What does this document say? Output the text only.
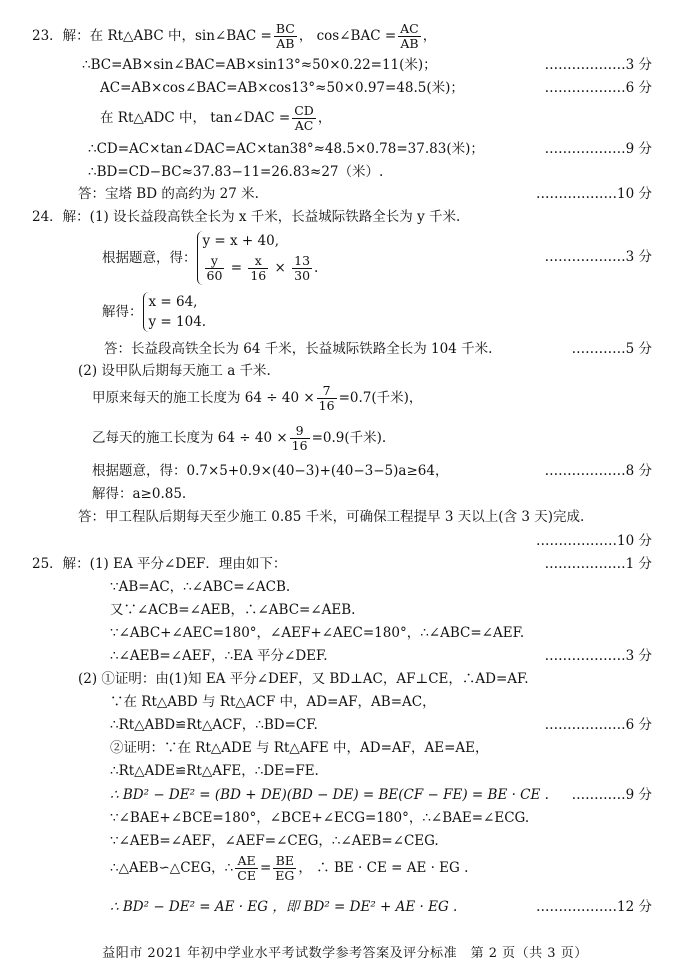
23．解：在 Rt△ABC 中，sin∠BAC = $\frac{BC}{AB}$ ， cos∠BAC = $\frac{AC}{AB}$ ，
∴BC=AB×sin∠BAC=AB×sin13°≈50×0.22=11(米)；	………………3 分
AC=AB×cos∠BAC=AB×cos13°≈50×0.97=48.5(米)；	………………6 分
在 Rt△ADC 中， tan∠DAC = $\frac{CD}{AC}$ ，
∴CD=AC×tan∠DAC=AC×tan38°≈48.5×0.78=37.83(米)；	………………9 分
∴BD=CD−BC≈37.83−11=26.83≈27（米）.
答：宝塔 BD 的高约为 27 米.	………………10 分
24．解：(1) 设长益段高铁全长为 x 千米，长益城际铁路全长为 y 千米.
根据题意，得：
y = x + 40,
$\frac{y}{60} = \frac{x}{16} \times \frac{13}{30}$ .
………………3 分
解得：
x = 64,
y = 104.
答：长益段高铁全长为 64 千米，长益城际铁路全长为 104 千米.	…………5 分
(2) 设甲队后期每天施工 a 千米.
甲原来每天的施工长度为 $64 \div 40 \times \frac{7}{16} =0.7$(千米)，
乙每天的施工长度为 $64 \div 40 \times \frac{9}{16} =0.9$(千米).
根据题意，得：0.7×5+0.9×(40−3)+(40−3−5)a≥64，	………………8 分
解得：a≥0.85.
答：甲工程队后期每天至少施工 0.85 千米，可确保工程提早 3 天以上(含 3 天)完成.
………………10 分
25．解：(1) EA 平分∠DEF．理由如下：	………………1 分
∵AB=AC，∴∠ABC=∠ACB.
又∵∠ACB=∠AEB，∴∠ABC=∠AEB.
∵∠ABC+∠AEC=180°，∠AEF+∠AEC=180°，∴∠ABC=∠AEF.
∴∠AEB=∠AEF，∴EA 平分∠DEF.	………………3 分
(2) ①证明：由(1)知 EA 平分∠DEF，又 BD⊥AC，AF⊥CE，∴AD=AF.
∵在 Rt△ABD 与 Rt△ACF 中，AD=AF，AB=AC，
∴Rt△ABD≌Rt△ACF，∴BD=CF.	………………6 分
②证明：∵在 Rt△ADE 与 Rt△AFE 中，AD=AF，AE=AE，
∴Rt△ADE≌Rt△AFE，∴DE=FE.
∴ BD² − DE² = (BD + DE)(BD − DE) = BE(CF − FE) = BE · CE . …………9 分
∵∠BAE+∠BCE=180°，∠BCE+∠ECG=180°，∴∠BAE=∠ECG.
∵∠AEB=∠AEF，∠AEF=∠CEG，∴∠AEB=∠CEG.
∴△AEB∽△CEG，∴ $\frac{AE}{CE} = \frac{BE}{EG}$ ， ∴ BE · CE = AE · EG .
∴ BD² − DE² = AE · EG ，即 BD² = DE² + AE · EG .	………………12 分
益阳市 2021 年初中学业水平考试数学参考答案及评分标准　第 2 页（共 3 页）
